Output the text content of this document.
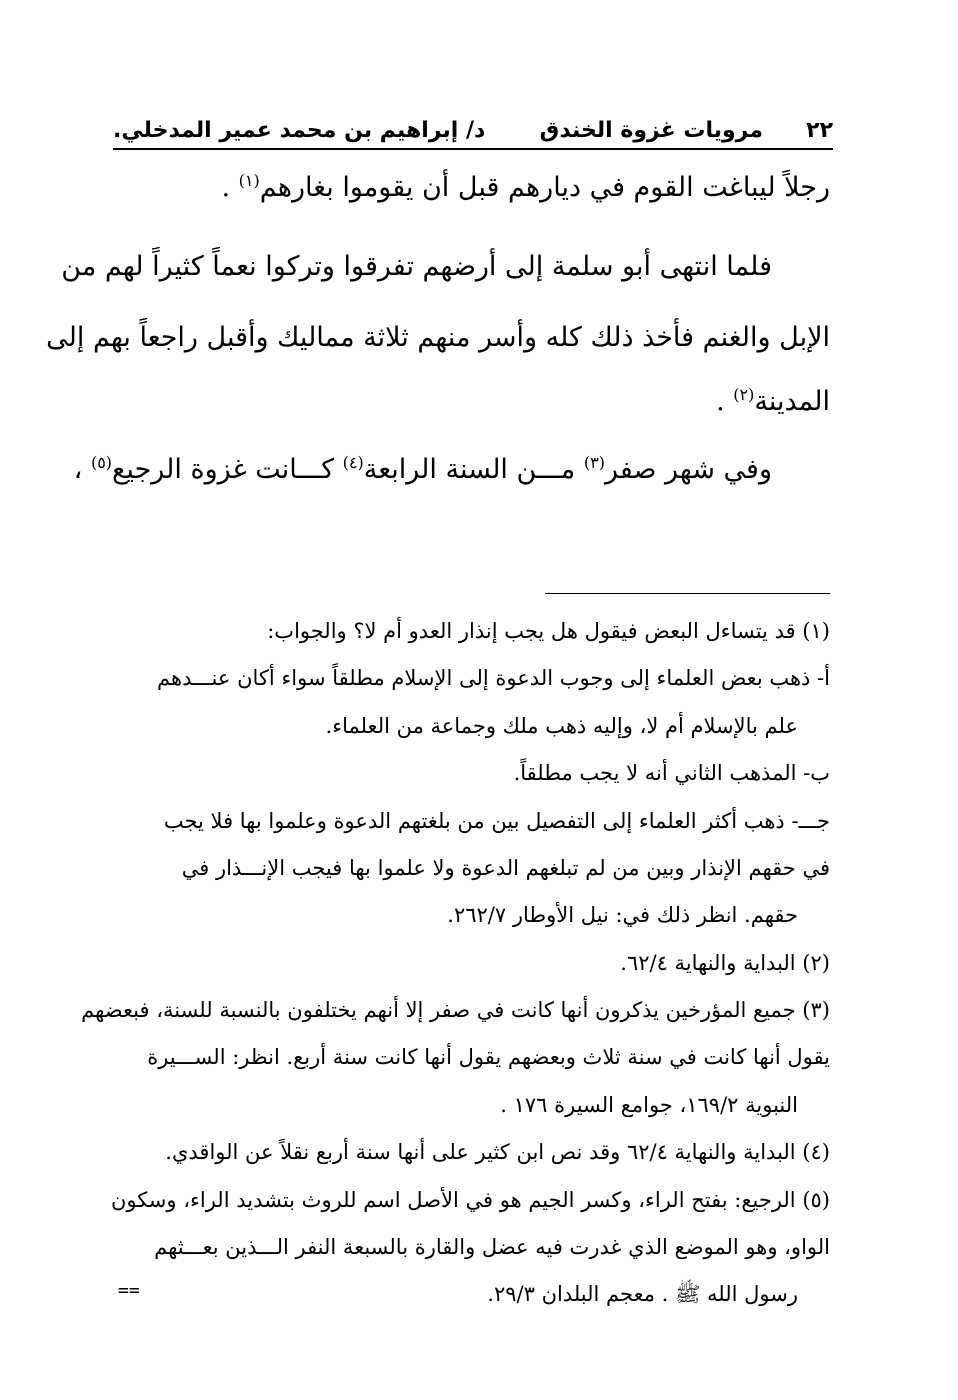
٢٢
مرويات غزوة الخندق
د/ إبراهيم بن محمد عمير المدخلي.

رجلاً ليباغت القوم في ديارهم قبل أن يقوموا بغارهم$^{(١)}$ .

فلما انتهى أبو سلمة إلى أرضهم تفرقوا وتركوا نعماً كثيراً لهم من

الإبل والغنم فأخذ ذلك كله وأسر منهم ثلاثة مماليك وأقبل راجعاً بهم إلى

المدينة$^{(٢)}$ .

وفي شهر صفر$^{(٣)}$ مـــن السنة الرابعة$^{(٤)}$ كـــانت غزوة الرجيع$^{(٥)}$ ،

(١) قد يتساءل البعض فيقول هل يجب إنذار العدو أم لا؟ والجواب:

أ- ذهب بعض العلماء إلى وجوب الدعوة إلى الإسلام مطلقاً سواء أكان عنـــدهم

علم بالإسلام أم لا، وإليه ذهب ملك وجماعة من العلماء.

ب- المذهب الثاني أنه لا يجب مطلقاً.

جـــ- ذهب أكثر العلماء إلى التفصيل بين من بلغتهم الدعوة وعلموا بها فلا يجب

في حقهم الإنذار وبين من لم تبلغهم الدعوة ولا علموا بها فيجب الإنـــذار في

حقهم. انظر ذلك في: نيل الأوطار ٢٦٢/٧.

(٢) البداية والنهاية ٦٢/٤.

(٣) جميع المؤرخين يذكرون أنها كانت في صفر إلا أنهم يختلفون بالنسبة للسنة، فبعضهم

يقول أنها كانت في سنة ثلاث وبعضهم يقول أنها كانت سنة أربع. انظر: الســـيرة

النبوية ١٦٩/٢، جوامع السيرة ١٧٦ .

(٤) البداية والنهاية ٦٢/٤ وقد نص ابن كثير على أنها سنة أربع نقلاً عن الواقدي.

(٥) الرجيع: بفتح الراء، وكسر الجيم هو في الأصل اسم للروث بتشديد الراء، وسكون

الواو، وهو الموضع الذي غدرت فيه عضل والقارة بالسبعة النفر الـــذين بعـــثهم

رسول الله ﷺ . معجم البلدان ٢٩/٣.

==
